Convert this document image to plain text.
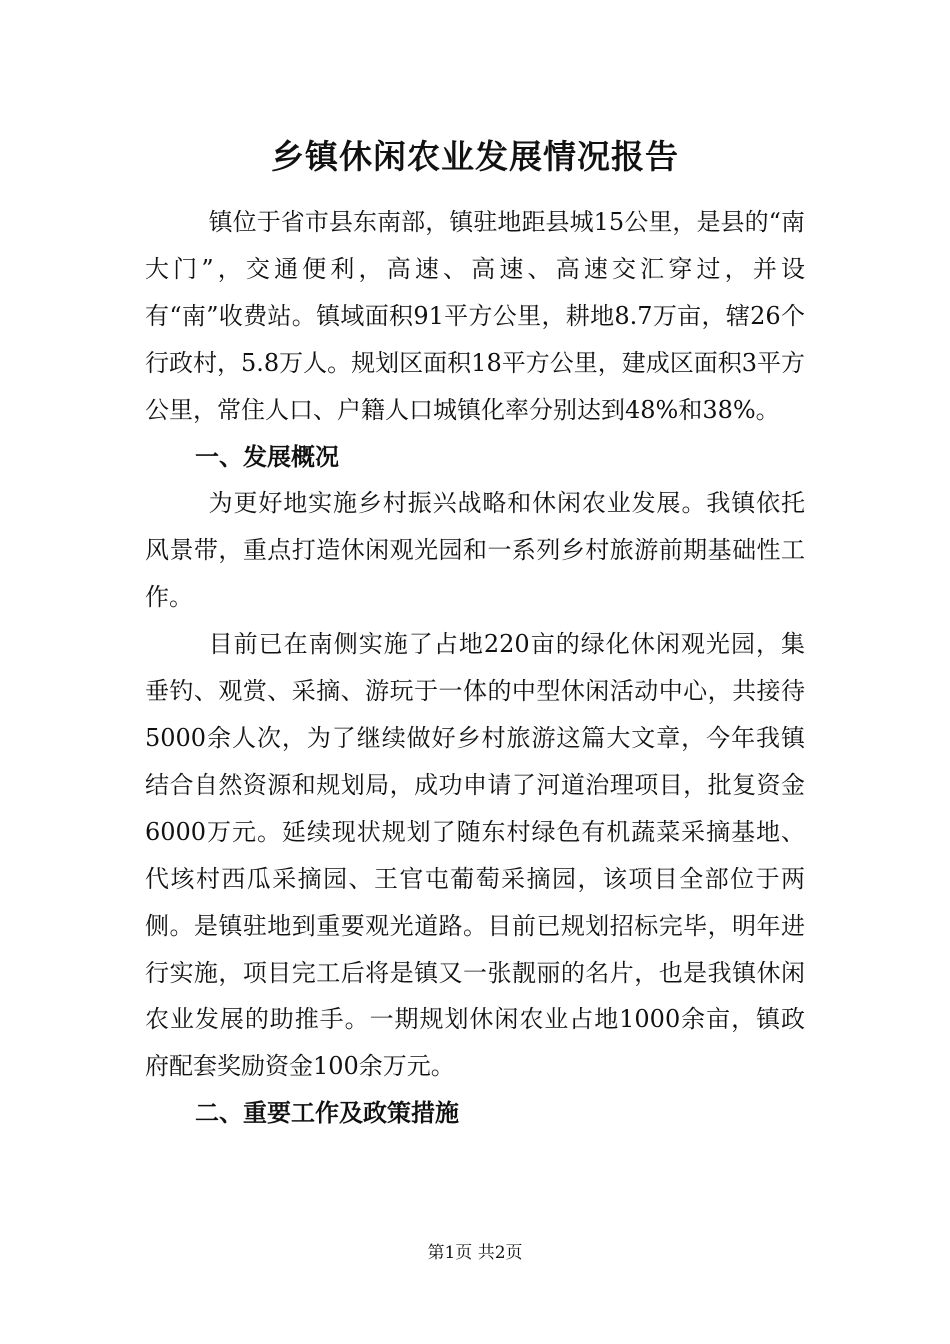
乡镇休闲农业发展情况报告

镇位于省市县东南部，镇驻地距县城15公里，是县的“南大门”，交通便利，高速、高速、高速交汇穿过，并设有“南”收费站。镇域面积91平方公里，耕地8.7万亩，辖26个行政村，5.8万人。规划区面积18平方公里，建成区面积3平方公里，常住人口、户籍人口城镇化率分别达到48%和38%。

一、发展概况

为更好地实施乡村振兴战略和休闲农业发展。我镇依托风景带，重点打造休闲观光园和一系列乡村旅游前期基础性工作。

目前已在南侧实施了占地220亩的绿化休闲观光园，集垂钓、观赏、采摘、游玩于一体的中型休闲活动中心，共接待5000余人次，为了继续做好乡村旅游这篇大文章，今年我镇结合自然资源和规划局，成功申请了河道治理项目，批复资金6000万元。延续现状规划了随东村绿色有机蔬菜采摘基地、代垓村西瓜采摘园、王官屯葡萄采摘园，该项目全部位于两侧。是镇驻地到重要观光道路。目前已规划招标完毕，明年进行实施，项目完工后将是镇又一张靓丽的名片，也是我镇休闲农业发展的助推手。一期规划休闲农业占地1000余亩，镇政府配套奖励资金100余万元。

二、重要工作及政策措施
第1页 共2页
